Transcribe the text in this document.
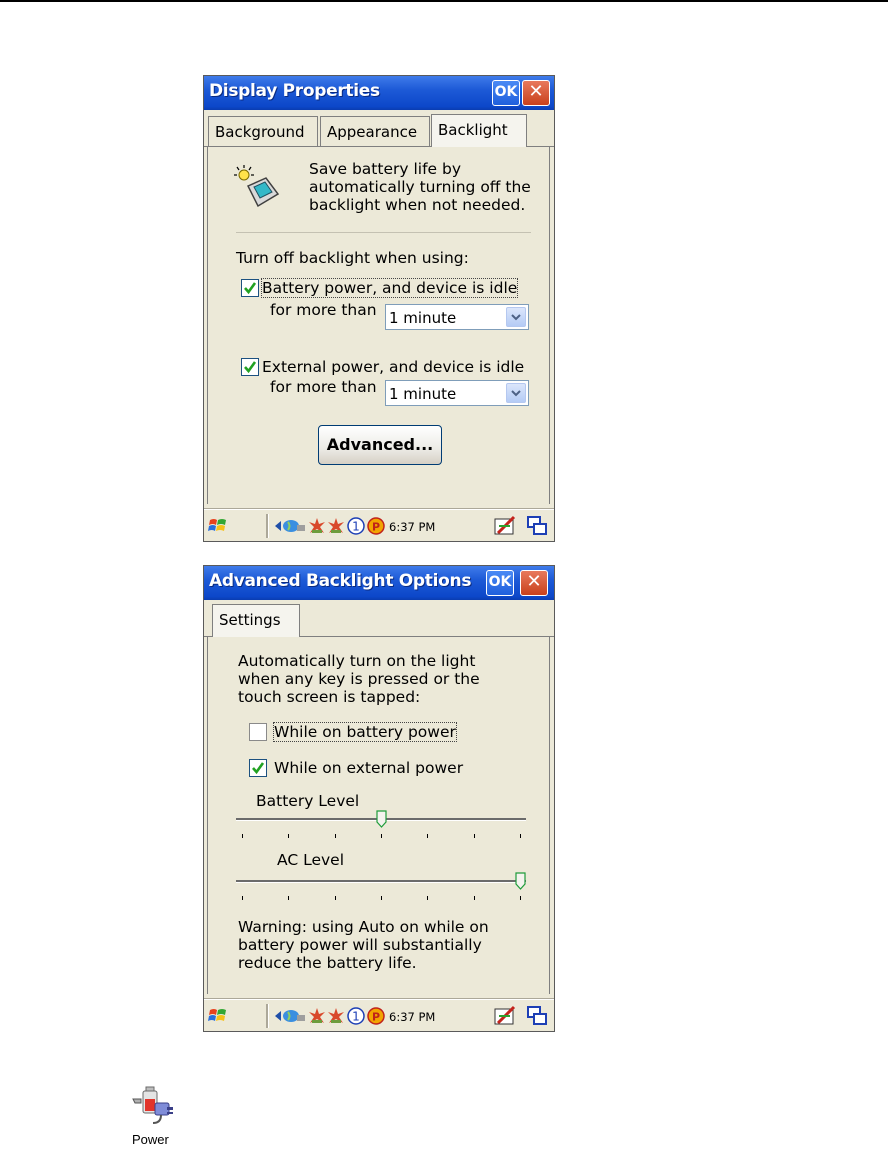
Display Properties	OK ✕
Background	Appearance	Backlight
Save battery life by
automatically turning off the
backlight when not needed.
Turn off backlight when using:
Battery power, and device is idle
for more than 1 minute
External power, and device is idle
for more than 1 minute
Advanced...
1 P 6:37 PM
Advanced Backlight Options OK ✕
Settings
Automatically turn on the light
when any key is pressed or the
touch screen is tapped:
While on battery power
While on external power
Battery Level
AC Level
Warning: using Auto on while on
battery power will substantially
reduce the battery life.
1 P 6:37 PM
Power
